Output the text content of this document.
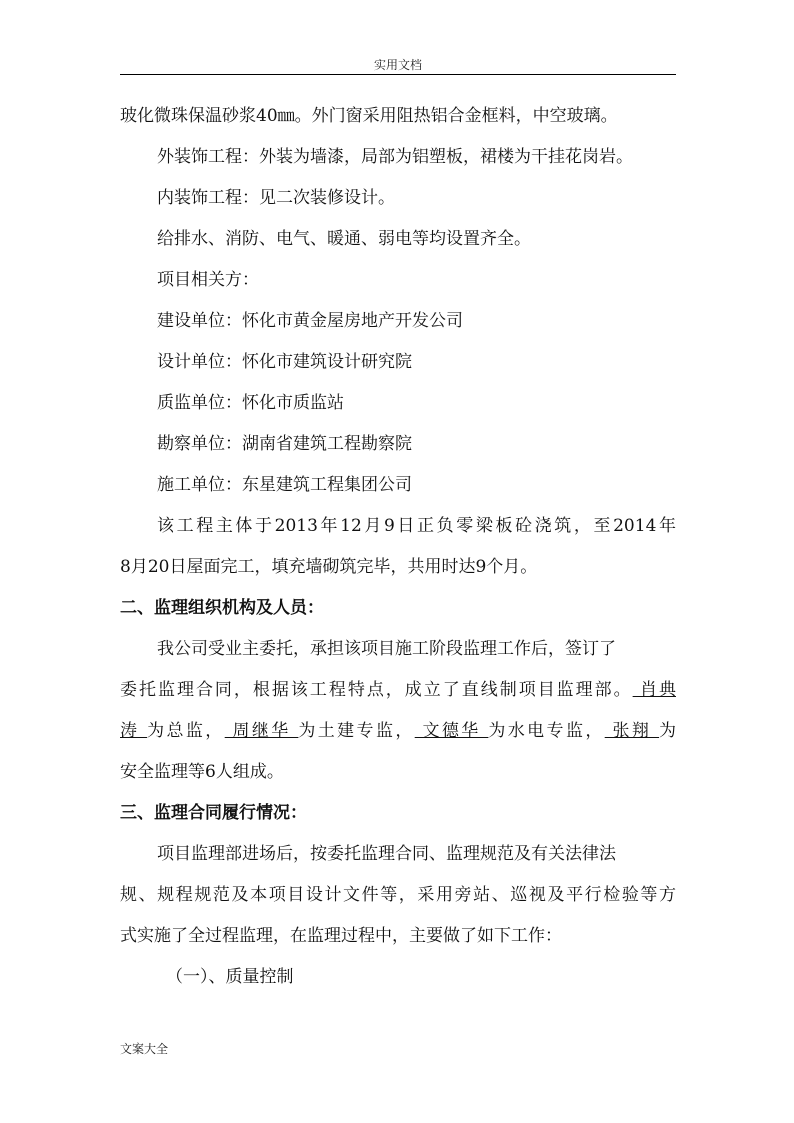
实用文档
玻化微珠保温砂浆40㎜。外门窗采用阻热铝合金框料，中空玻璃。
外装饰工程：外装为墙漆，局部为铝塑板，裙楼为干挂花岗岩。
内装饰工程：见二次装修设计。
给排水、消防、电气、暖通、弱电等均设置齐全。
项目相关方：
建设单位：怀化市黄金屋房地产开发公司
设计单位：怀化市建筑设计研究院
质监单位：怀化市质监站
勘察单位：湖南省建筑工程勘察院
施工单位：东星建筑工程集团公司
该工程主体于2013年12月9日正负零梁板砼浇筑，至2014年
8月20日屋面完工，填充墙砌筑完毕，共用时达9个月。
二、监理组织机构及人员：
我公司受业主委托，承担该项目施工阶段监理工作后，签订了
委托监理合同，根据该工程特点，成立了直线制项目监理部。 肖典
涛 为总监， 周继华 为土建专监， 文德华 为水电专监， 张翔 为
安全监理等6人组成。
三、监理合同履行情况：
项目监理部进场后，按委托监理合同、监理规范及有关法律法
规、规程规范及本项目设计文件等，采用旁站、巡视及平行检验等方
式实施了全过程监理，在监理过程中，主要做了如下工作：
（一）、质量控制
文案大全
